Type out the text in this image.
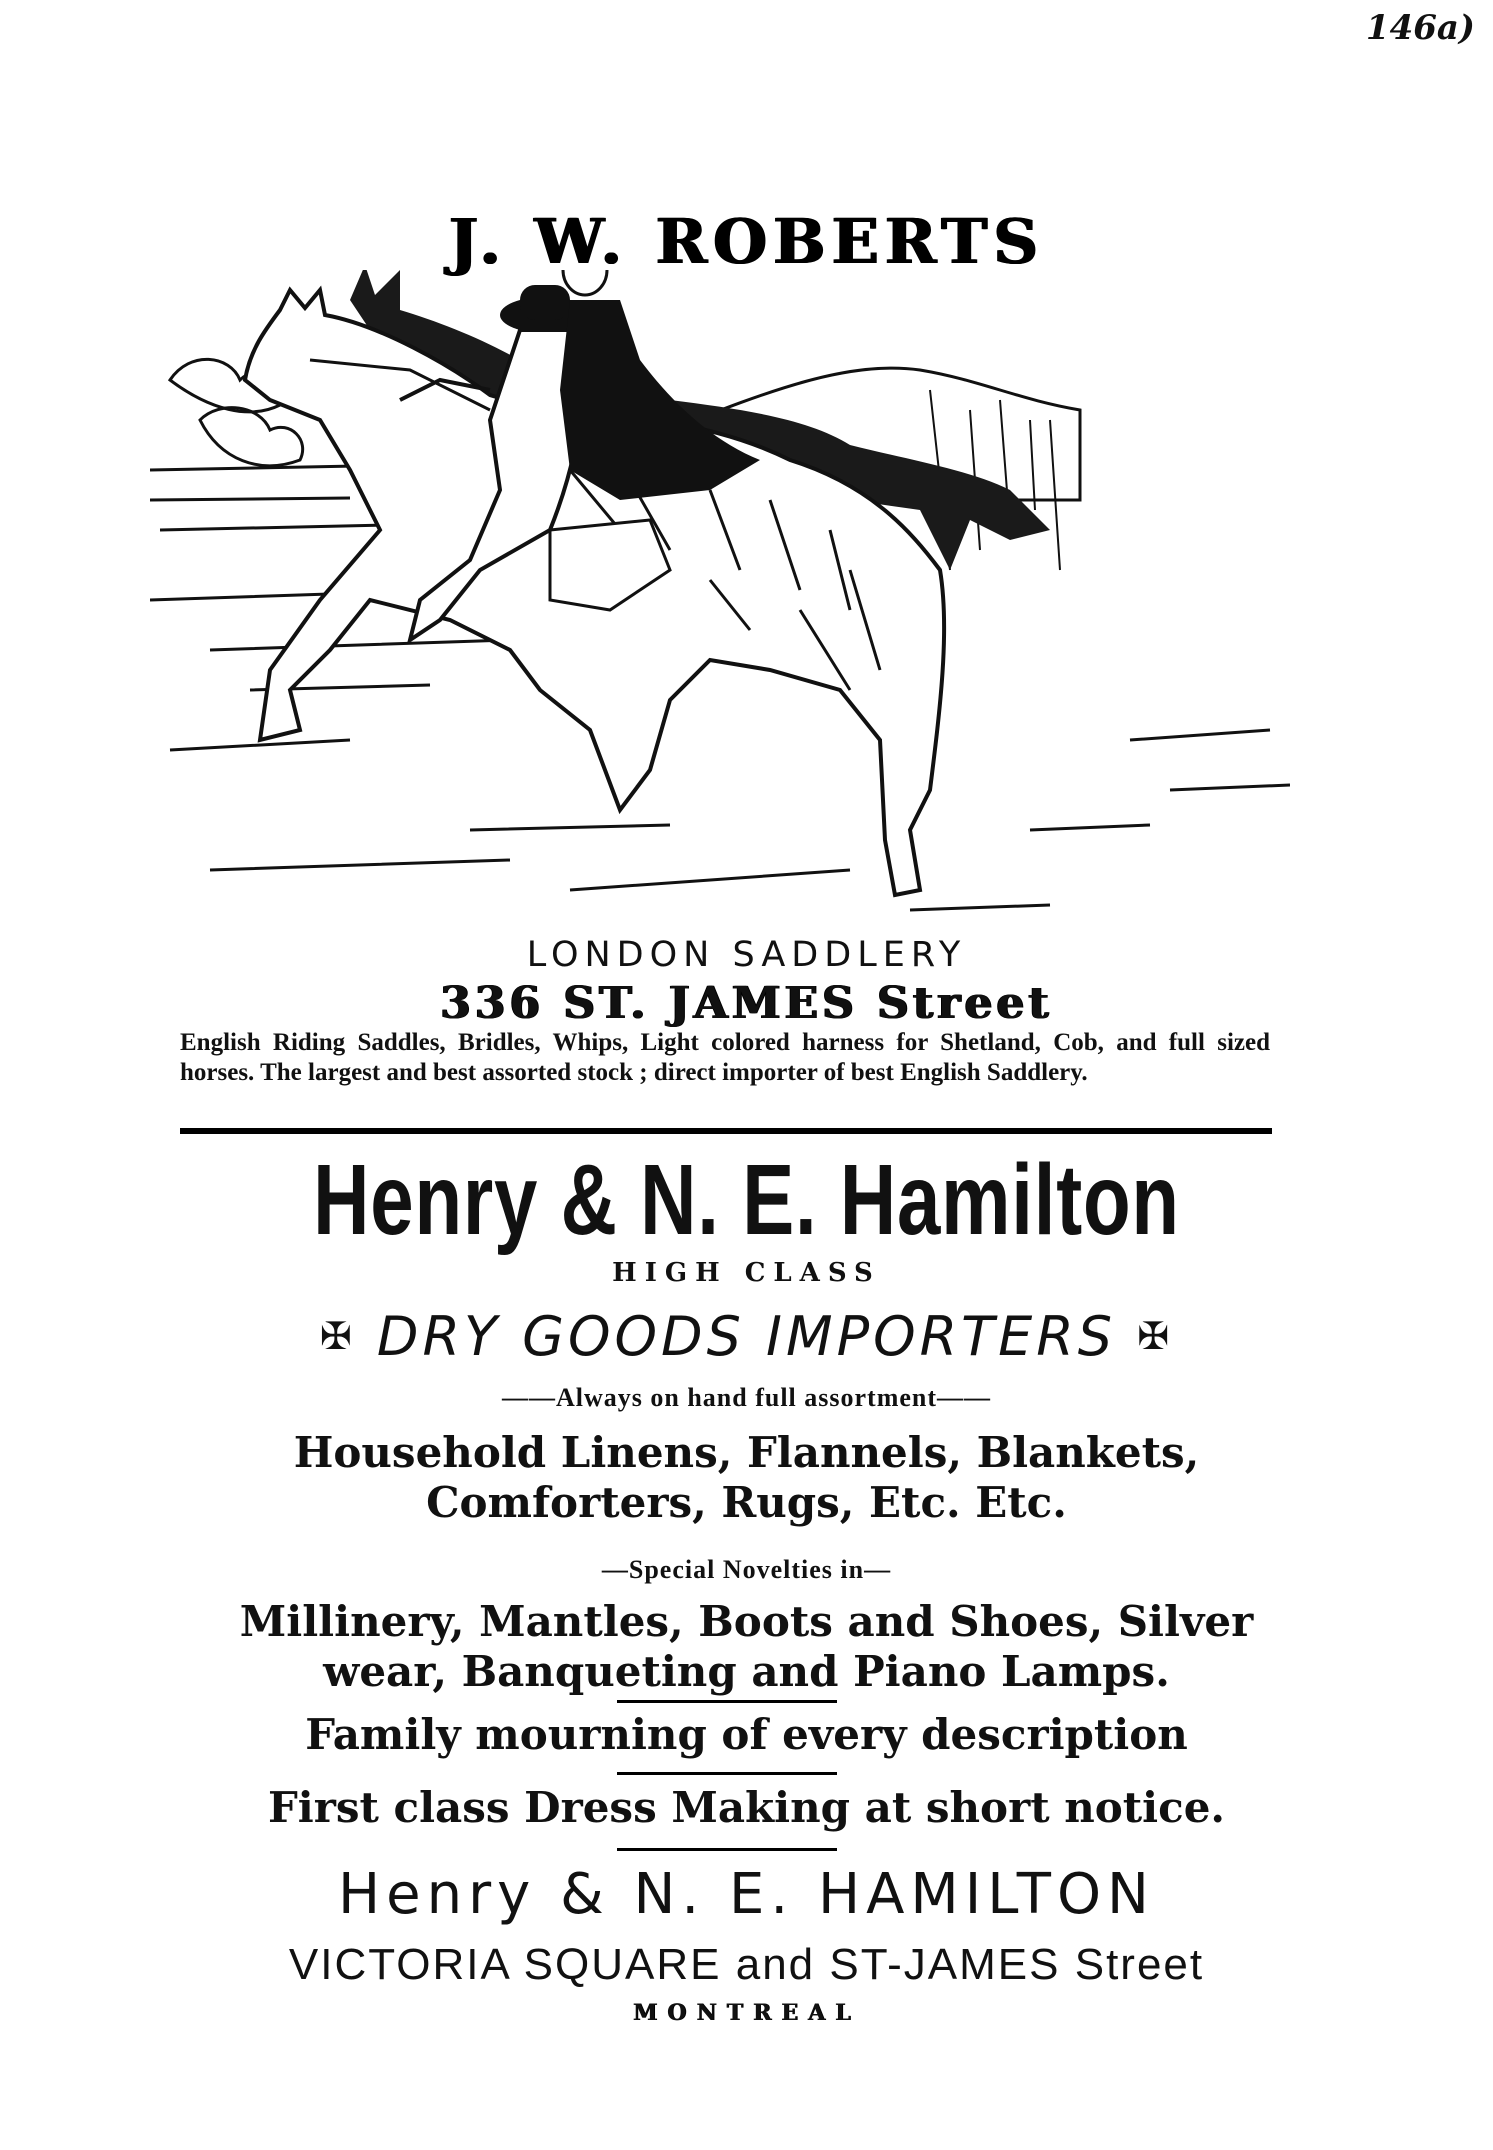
146a)
J. W. ROBERTS
LONDON SADDLERY
336 ST. JAMES Street
English Riding Saddles, Bridles, Whips, Light colored harness for Shetland, Cob, and full sized horses. The largest and best assorted stock ; direct importer of best English Saddlery.
Henry & N. E. Hamilton
HIGH CLASS
✠ DRY GOODS IMPORTERS ✠
——Always on hand full assortment——
Household Linens, Flannels, Blankets,
Comforters, Rugs, Etc. Etc.
—Special Novelties in—
Millinery, Mantles, Boots and Shoes, Silver
wear, Banqueting and Piano Lamps.
Family mourning of every description
First class Dress Making at short notice.
Henry & N. E. HAMILTON
VICTORIA SQUARE and ST-JAMES Street
MONTREAL
